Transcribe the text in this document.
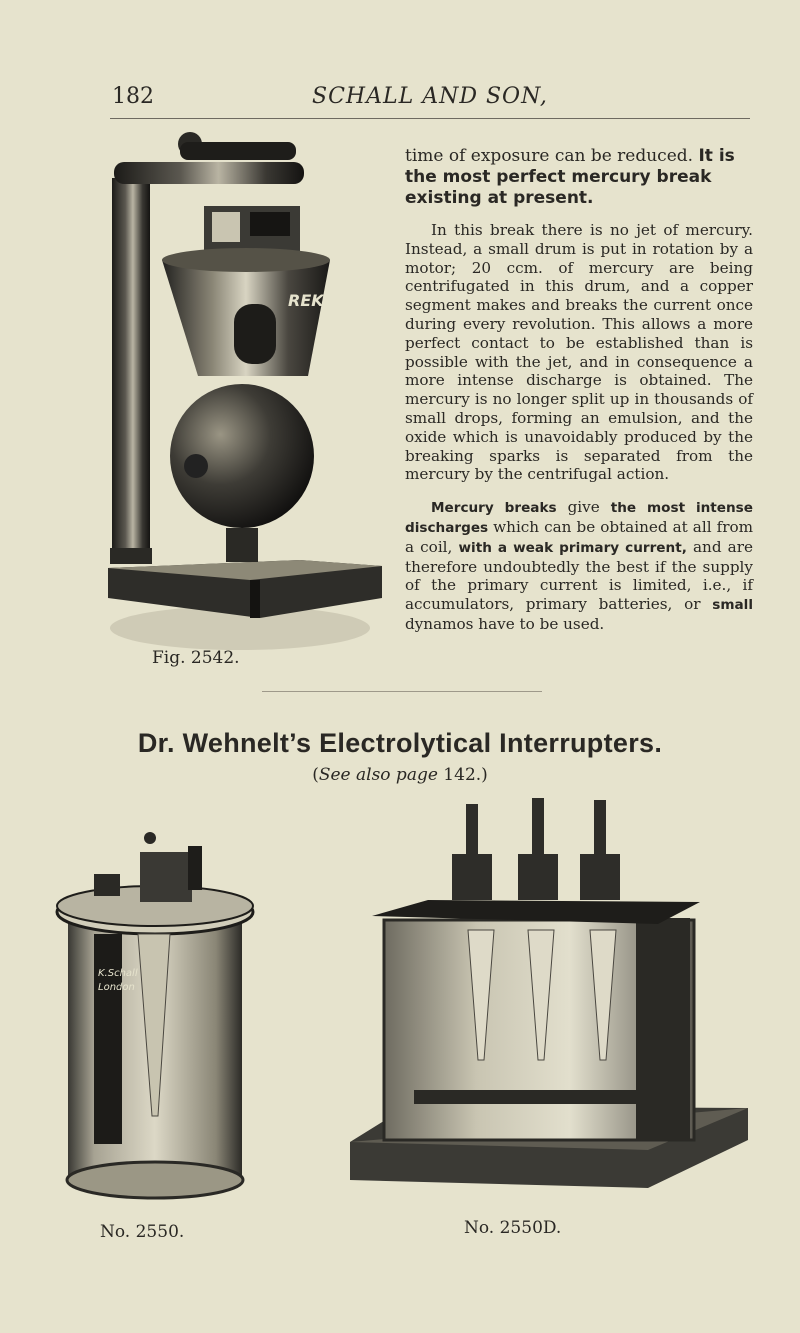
182	SCHALL AND SON,
REKO
Fig. 2542.

time of exposure can be reduced. It is the most perfect mercury break existing at present.

In this break there is no jet of mercury. Instead, a small drum is put in rotation by a motor; 20 ccm. of mercury are being centrifugated in this drum, and a copper segment makes and breaks the current once during every revolution. This allows a more perfect contact to be established than is possible with the jet, and in consequence a more intense discharge is obtained. The mercury is no longer split up in thousands of small drops, forming an emulsion, and the oxide which is unavoidably produced by the breaking sparks is separated from the mercury by the centrifugal action.

Mercury breaks give the most intense discharges which can be obtained at all from a coil, with a weak primary current, and are therefore undoubtedly the best if the supply of the primary current is limited, i.e., if accumulators, primary batteries, or small dynamos have to be used.

Dr. Wehnelt’s Electrolytical Interrupters.
(See also page 142.)
K.Schall
London
No. 2550.	No. 2550D.
